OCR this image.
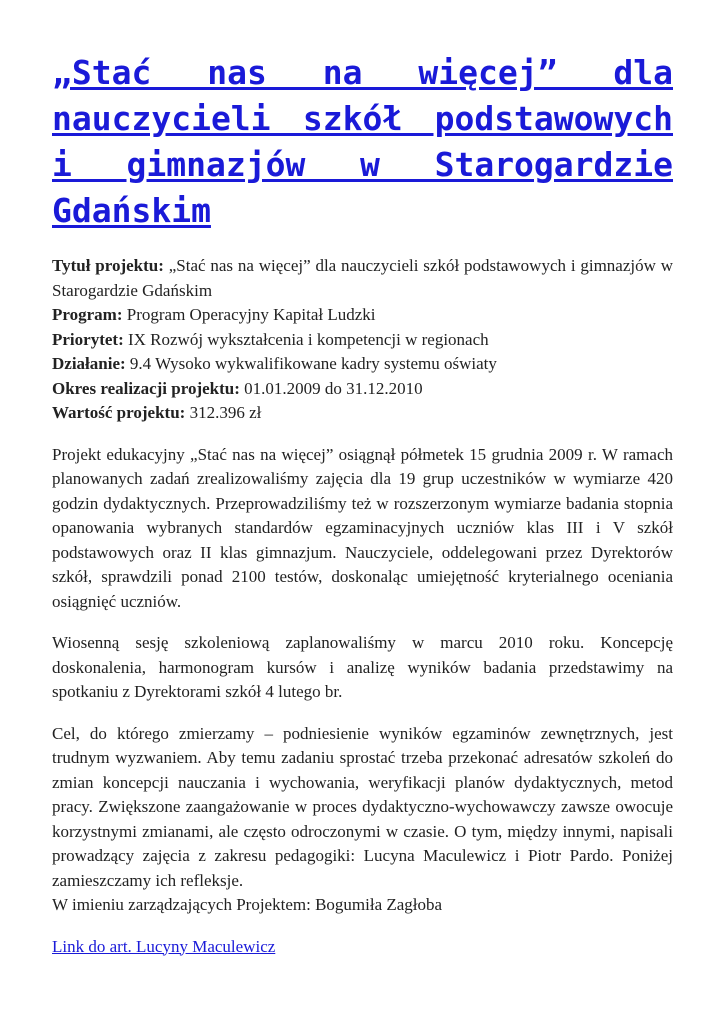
„Stać nas na więcej” dla nauczycieli szkół podstawowych i gimnazjów w Starogardzie Gdańskim
Tytuł projektu: „Stać nas na więcej” dla nauczycieli szkół podstawowych i gimnazjów w Starogardzie Gdańskim
Program: Program Operacyjny Kapitał Ludzki
Priorytet: IX Rozwój wykształcenia i kompetencji w regionach
Działanie: 9.4 Wysoko wykwalifikowane kadry systemu oświaty
Okres realizacji projektu: 01.01.2009 do 31.12.2010
Wartość projektu: 312.396 zł

Projekt edukacyjny „Stać nas na więcej” osiągnął półmetek 15 grudnia 2009 r. W ramach planowanych zadań zrealizowaliśmy zajęcia dla 19 grup uczestników w wymiarze 420 godzin dydaktycznych. Przeprowadziliśmy też w rozszerzonym wymiarze badania stopnia opanowania wybranych standardów egzaminacyjnych uczniów klas III i V szkół podstawowych oraz II klas gimnazjum. Nauczyciele, oddelegowani przez Dyrektorów szkół, sprawdzili ponad 2100 testów, doskonaląc umiejętność kryterialnego oceniania osiągnięć uczniów.

Wiosenną sesję szkoleniową zaplanowaliśmy w marcu 2010 roku. Koncepcję doskonalenia, harmonogram kursów i analizę wyników badania przedstawimy na spotkaniu z Dyrektorami szkół 4 lutego br.

Cel, do którego zmierzamy – podniesienie wyników egzaminów zewnętrznych, jest trudnym wyzwaniem. Aby temu zadaniu sprostać trzeba przekonać adresatów szkoleń do zmian koncepcji nauczania i wychowania, weryfikacji planów dydaktycznych, metod pracy. Zwiększone zaangażowanie w proces dydaktyczno-wychowawczy zawsze owocuje korzystnymi zmianami, ale często odroczonymi w czasie. O tym, między innymi, napisali prowadzący zajęcia z zakresu pedagogiki: Lucyna Maculewicz i Piotr Pardo. Poniżej zamieszczamy ich refleksje.
W imieniu zarządzających Projektem: Bogumiła Zagłoba

Link do art. Lucyny Maculewicz
